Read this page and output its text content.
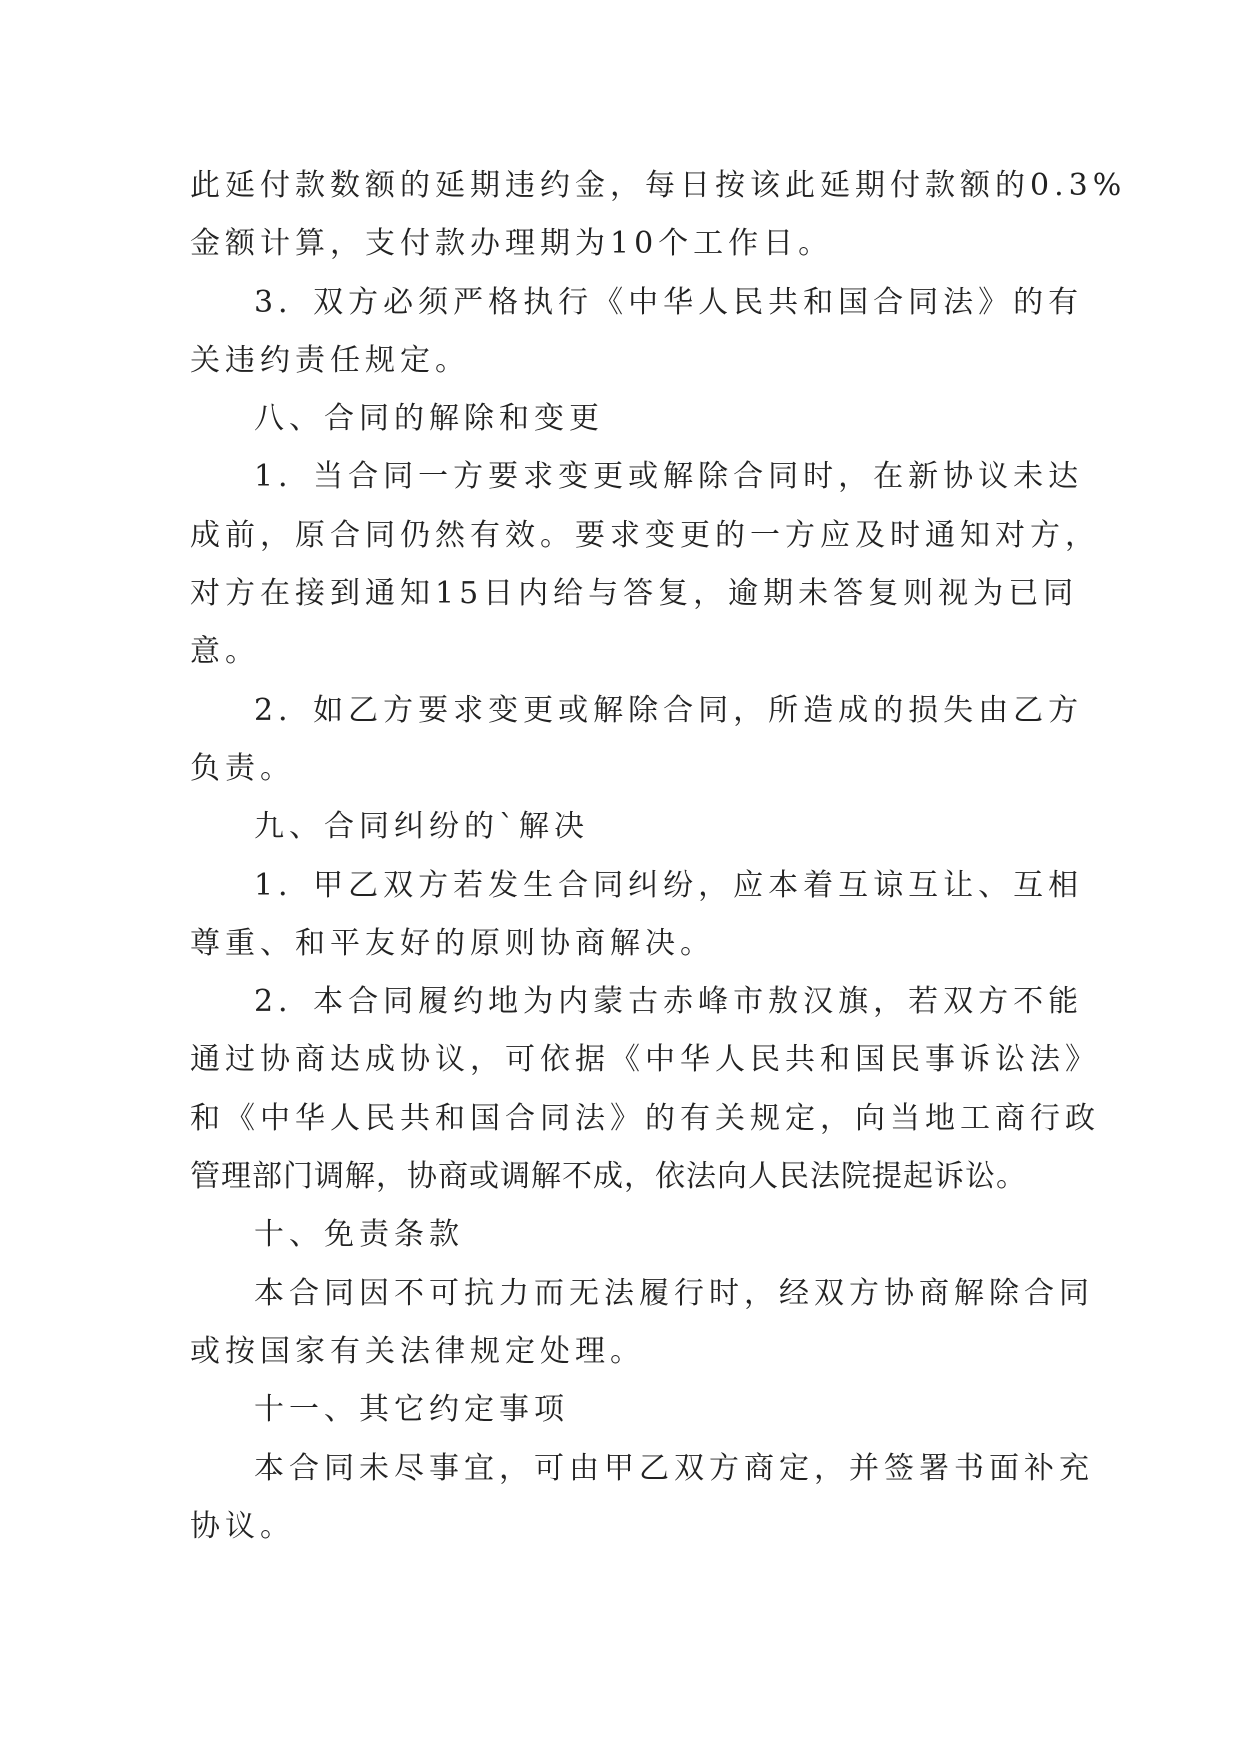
此延付款数额的延期违约金，每日按该此延期付款额的0.3%
金额计算，支付款办理期为10个工作日。
3．双方必须严格执行《中华人民共和国合同法》的有
关违约责任规定。
八、合同的解除和变更
1．当合同一方要求变更或解除合同时，在新协议未达
成前，原合同仍然有效。要求变更的一方应及时通知对方，
对方在接到通知15日内给与答复，逾期未答复则视为已同
意。
2．如乙方要求变更或解除合同，所造成的损失由乙方
负责。
九、合同纠纷的`解决
1．甲乙双方若发生合同纠纷，应本着互谅互让、互相
尊重、和平友好的原则协商解决。
2．本合同履约地为内蒙古赤峰市敖汉旗，若双方不能
通过协商达成协议，可依据《中华人民共和国民事诉讼法》
和《中华人民共和国合同法》的有关规定，向当地工商行政
管理部门调解，协商或调解不成，依法向人民法院提起诉讼。
十、免责条款
本合同因不可抗力而无法履行时，经双方协商解除合同
或按国家有关法律规定处理。
十一、其它约定事项
本合同未尽事宜，可由甲乙双方商定，并签署书面补充
协议。
